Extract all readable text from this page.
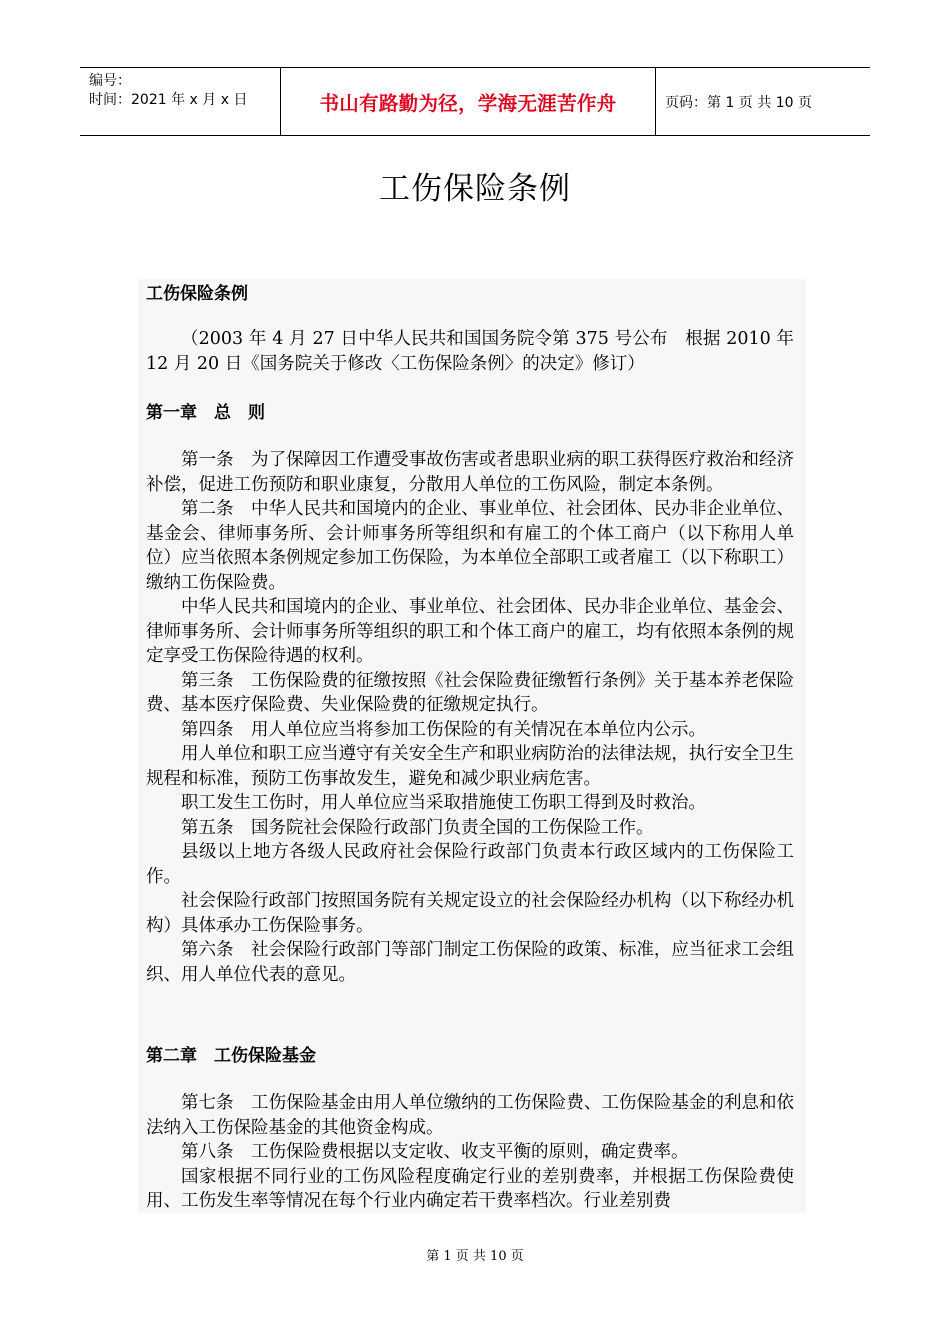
编号：
时间：2021 年 x 月 x 日	书山有路勤为径，学海无涯苦作舟	页码：第 1 页 共 10 页
工伤保险条例
工伤保险条例

（2003 年 4 月 27 日中华人民共和国国务院令第 375 号公布　根据 2010 年 12 月 20 日《国务院关于修改〈工伤保险条例〉的决定》修订）

第一章　总　则

第一条　为了保障因工作遭受事故伤害或者患职业病的职工获得医疗救治和经济补偿，促进工伤预防和职业康复，分散用人单位的工伤风险，制定本条例。

第二条　中华人民共和国境内的企业、事业单位、社会团体、民办非企业单位、基金会、律师事务所、会计师事务所等组织和有雇工的个体工商户（以下称用人单位）应当依照本条例规定参加工伤保险，为本单位全部职工或者雇工（以下称职工）缴纳工伤保险费。

中华人民共和国境内的企业、事业单位、社会团体、民办非企业单位、基金会、律师事务所、会计师事务所等组织的职工和个体工商户的雇工，均有依照本条例的规定享受工伤保险待遇的权利。

第三条　工伤保险费的征缴按照《社会保险费征缴暂行条例》关于基本养老保险费、基本医疗保险费、失业保险费的征缴规定执行。

第四条　用人单位应当将参加工伤保险的有关情况在本单位内公示。

用人单位和职工应当遵守有关安全生产和职业病防治的法律法规，执行安全卫生规程和标准，预防工伤事故发生，避免和减少职业病危害。

职工发生工伤时，用人单位应当采取措施使工伤职工得到及时救治。

第五条　国务院社会保险行政部门负责全国的工伤保险工作。

县级以上地方各级人民政府社会保险行政部门负责本行政区域内的工伤保险工作。

社会保险行政部门按照国务院有关规定设立的社会保险经办机构（以下称经办机构）具体承办工伤保险事务。

第六条　社会保险行政部门等部门制定工伤保险的政策、标准，应当征求工会组织、用人单位代表的意见。

第二章　工伤保险基金

第七条　工伤保险基金由用人单位缴纳的工伤保险费、工伤保险基金的利息和依法纳入工伤保险基金的其他资金构成。

第八条　工伤保险费根据以支定收、收支平衡的原则，确定费率。

国家根据不同行业的工伤风险程度确定行业的差别费率，并根据工伤保险费使用、工伤发生率等情况在每个行业内确定若干费率档次。行业差别费

第 1 页 共 10 页
